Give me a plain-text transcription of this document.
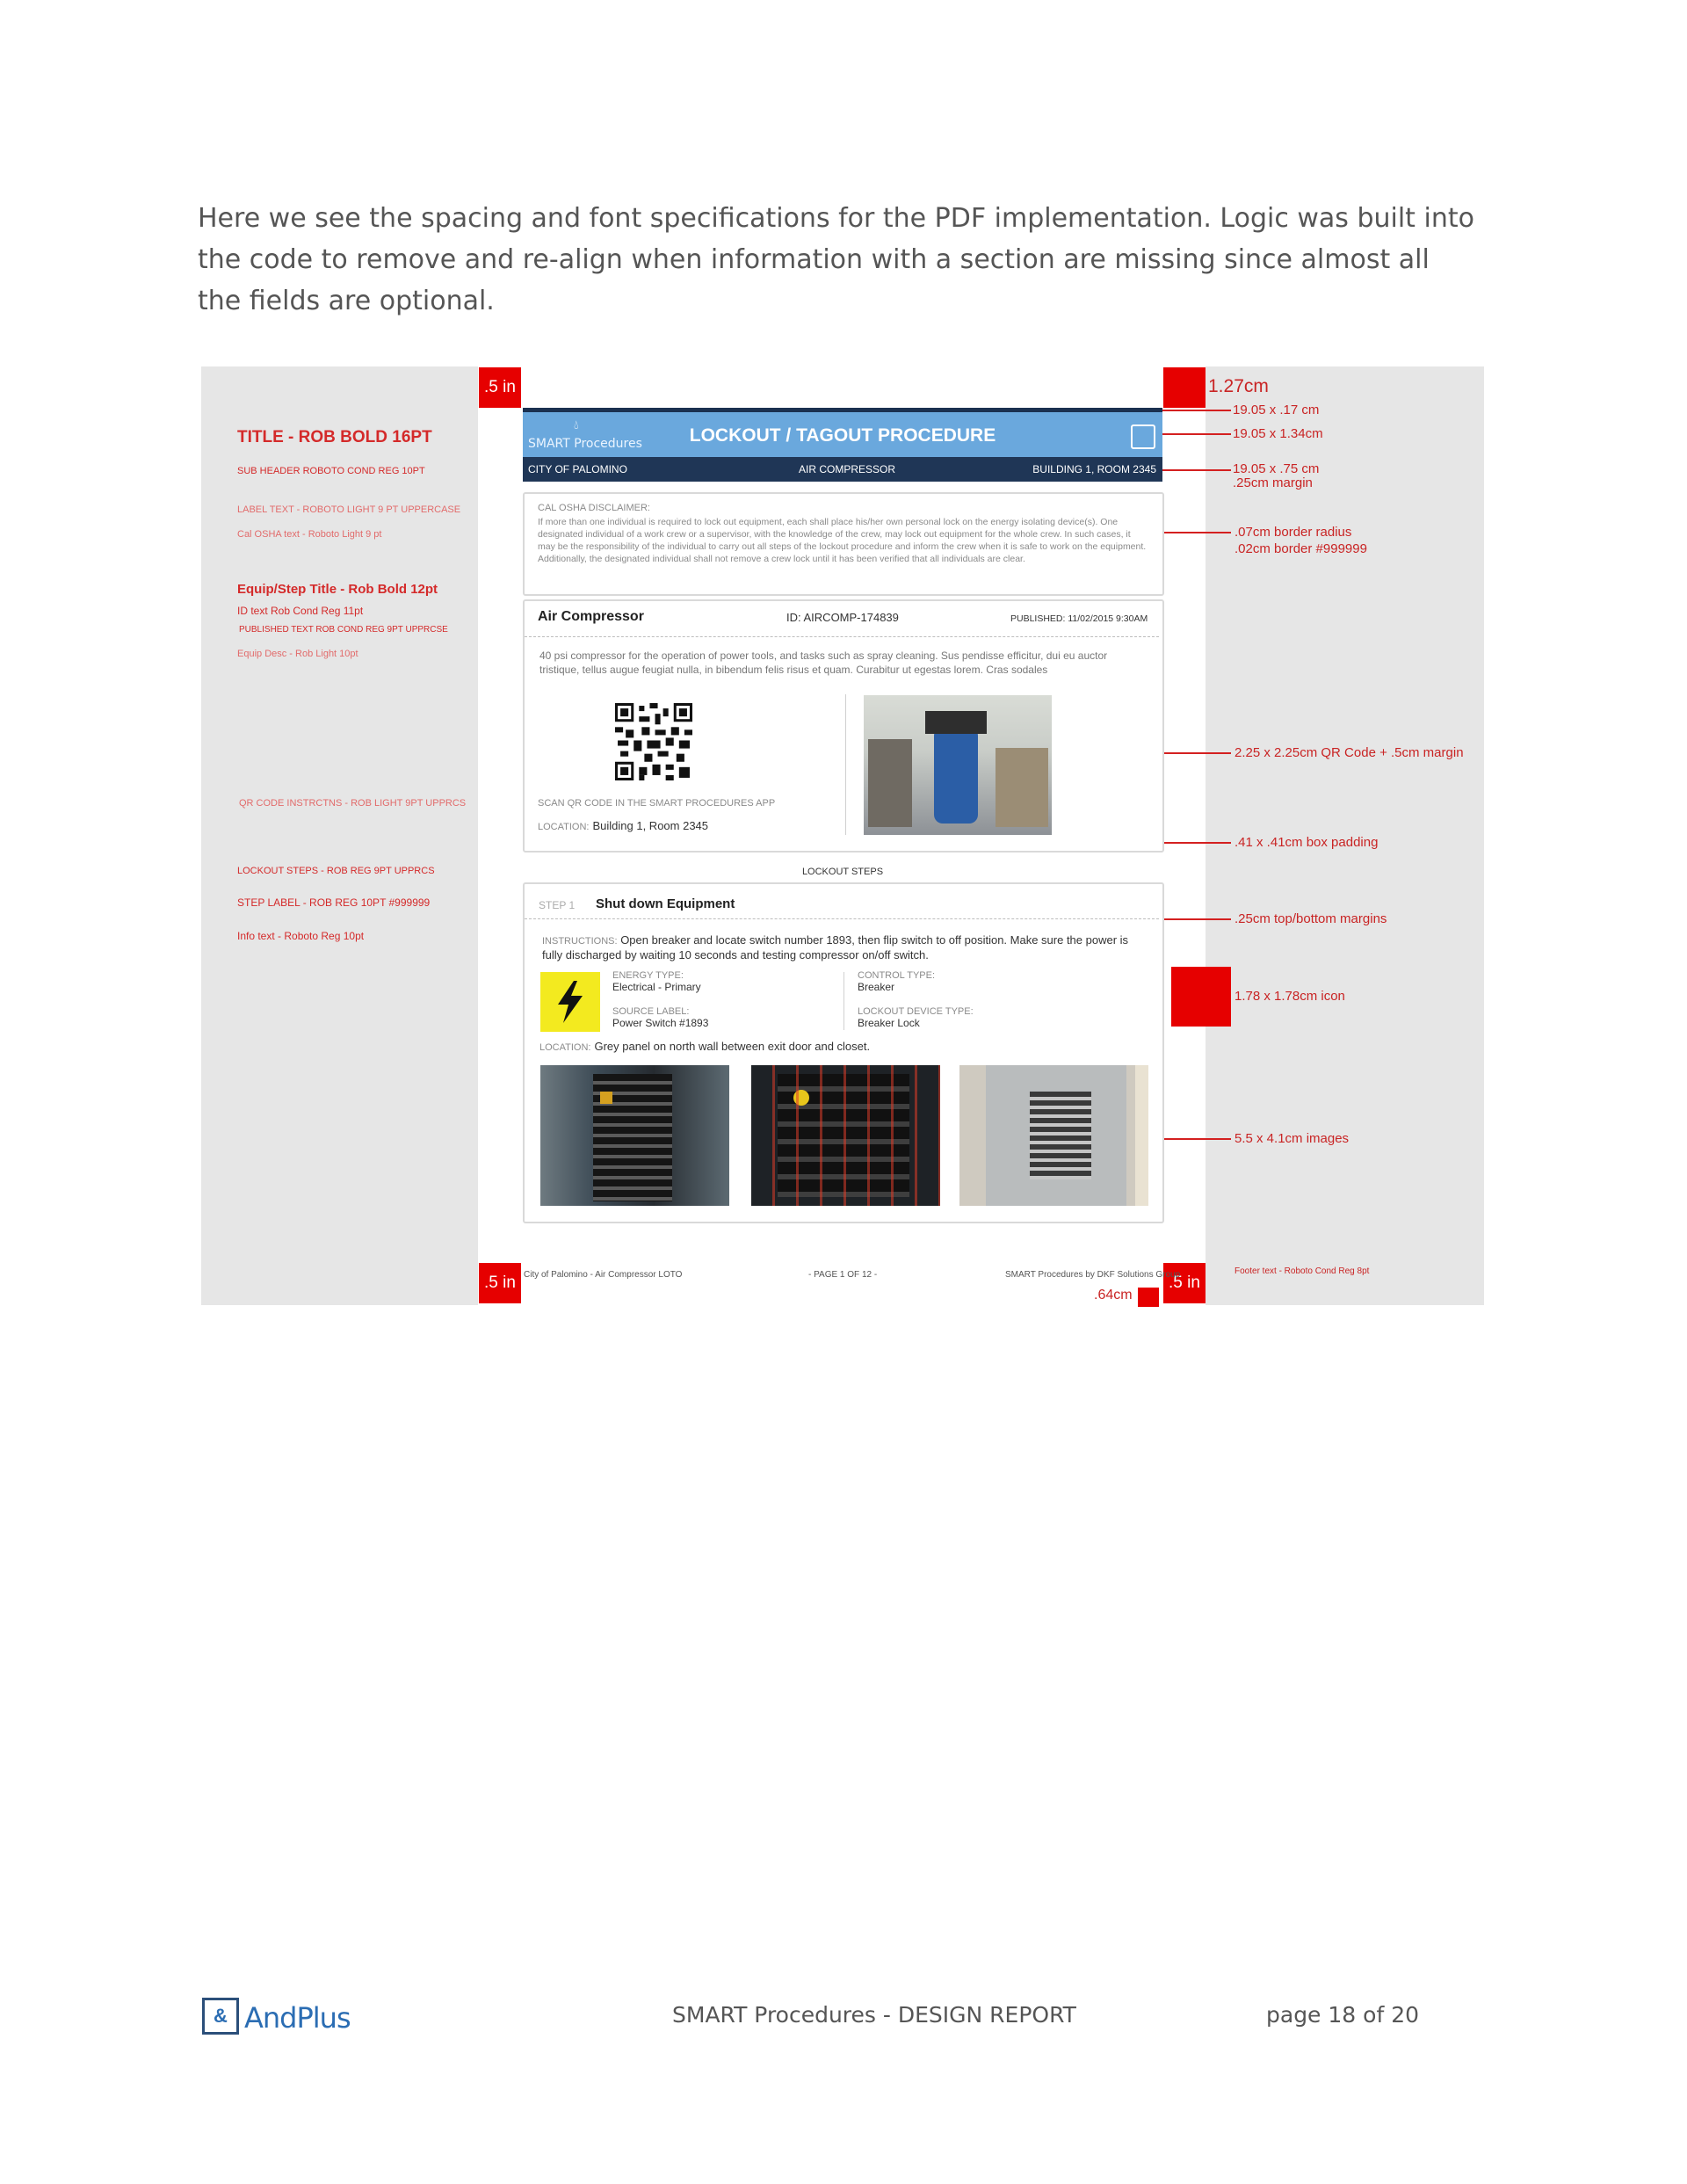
Here we see the spacing and font specifications for the PDF implementation. Logic was built into the code to remove and re-align when information with a section are missing since almost all the fields are optional.

TITLE - ROB BOLD 16PT
SUB HEADER ROBOTO COND REG 10PT
LABEL TEXT - ROBOTO LIGHT 9 PT UPPERCASE
Cal OSHA text - Roboto Light 9 pt
Equip/Step Title - Rob Bold 12pt
ID text Rob Cond Reg 11pt
PUBLISHED TEXT ROB COND REG 9PT UPPRCSE
Equip Desc - Rob Light 10pt
QR CODE INSTRCTNS - ROB LIGHT 9PT UPPRCS
LOCKOUT STEPS - ROB REG 9PT UPPRCS
STEP LABEL - ROB REG 10PT #999999
Info text - Roboto Reg 10pt
.5 in
.5 in	.5 in
1.27cm
19.05 x .17 cm
19.05 x 1.34cm
19.05 x .75 cm
.25cm margin
.07cm border radius
.02cm border #999999
2.25 x 2.25cm QR Code + .5cm margin
.41 x .41cm box padding
.25cm top/bottom margins
1.78 x 1.78cm icon
5.5 x 4.1cm images
Footer text - Roboto Cond Reg 8pt
.64cm
💧︎
SMART Procedures	LOCKOUT / TAGOUT PROCEDURE
CITY OF PALOMINO	AIR COMPRESSOR	BUILDING 1, ROOM 2345
CAL OSHA DISCLAIMER:

If more than one individual is required to lock out equipment, each shall place his/her own personal lock on the energy isolating device(s). One designated individual of a work crew or a supervisor, with the knowledge of the crew, may lock out equipment for the whole crew. In such cases, it may be the responsibility of the individual to carry out all steps of the lockout procedure and inform the crew when it is safe to work on the equipment. Additionally, the designated individual shall not remove a crew lock until it has been verified that all individuals are clear.

Air Compressor	ID: AIRCOMP-174839	PUBLISHED: 11/02/2015 9:30AM

40 psi compressor for the operation of power tools, and tasks such as spray cleaning. Sus pendisse efficitur, dui eu auctor tristique, tellus augue feugiat nulla, in bibendum felis risus et quam. Curabitur ut egestas lorem. Cras sodales

SCAN QR CODE IN THE SMART PROCEDURES APP
LOCATION: Building 1, Room 2345
LOCKOUT STEPS
STEP 1 Shut down Equipment

INSTRUCTIONS: Open breaker and locate switch number 1893, then flip switch to off position. Make sure the power is fully discharged by waiting 10 seconds and testing compressor on/off switch.

ENERGY TYPE:
Electrical - Primary
SOURCE LABEL:
Power Switch #1893
CONTROL TYPE:
Breaker
LOCKOUT DEVICE TYPE:
Breaker Lock
LOCATION: Grey panel on north wall between exit door and closet.
City of Palomino - Air Compressor LOTO	- PAGE 1 OF 12 -	SMART Procedures by DKF Solutions Group
& AndPlus	SMART Procedures - DESIGN REPORT	page 18 of 20
